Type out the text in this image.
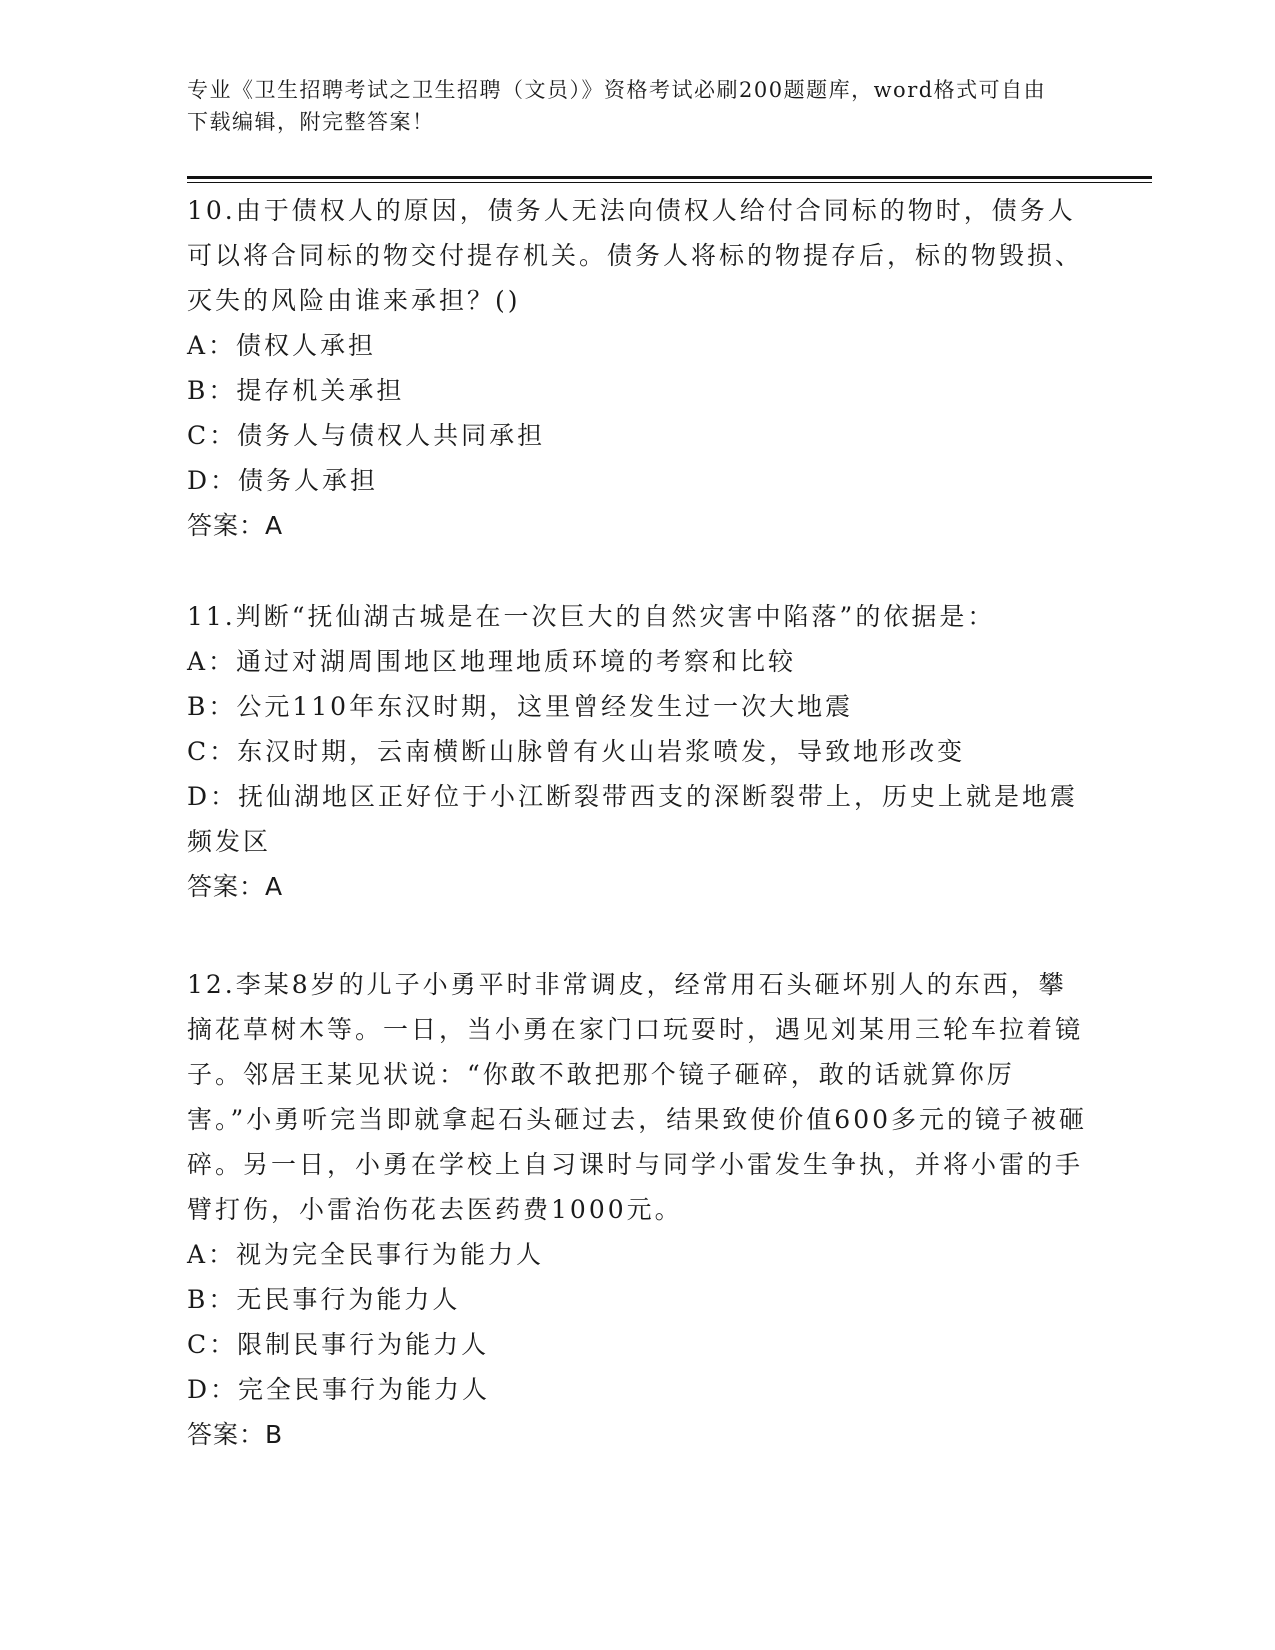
专业《卫生招聘考试之卫生招聘（文员）》资格考试必刷200题题库，word格式可自由下载编辑，附完整答案！

10.由于债权人的原因，债务人无法向债权人给付合同标的物时，债务人可以将合同标的物交付提存机关。债务人将标的物提存后，标的物毁损、灭失的风险由谁来承担？()

A：债权人承担

B：提存机关承担

C：债务人与债权人共同承担

D：债务人承担

答案：A

11.判断“抚仙湖古城是在一次巨大的自然灾害中陷落”的依据是：

A：通过对湖周围地区地理地质环境的考察和比较

B：公元110年东汉时期，这里曾经发生过一次大地震

C：东汉时期，云南横断山脉曾有火山岩浆喷发，导致地形改变

D：抚仙湖地区正好位于小江断裂带西支的深断裂带上，历史上就是地震频发区

答案：A

12.李某8岁的儿子小勇平时非常调皮，经常用石头砸坏别人的东西，攀摘花草树木等。一日，当小勇在家门口玩耍时，遇见刘某用三轮车拉着镜子。邻居王某见状说：“你敢不敢把那个镜子砸碎，敢的话就算你厉害。”小勇听完当即就拿起石头砸过去，结果致使价值600多元的镜子被砸碎。另一日，小勇在学校上自习课时与同学小雷发生争执，并将小雷的手臂打伤，小雷治伤花去医药费1000元。

A：视为完全民事行为能力人

B：无民事行为能力人

C：限制民事行为能力人

D：完全民事行为能力人

答案：B
